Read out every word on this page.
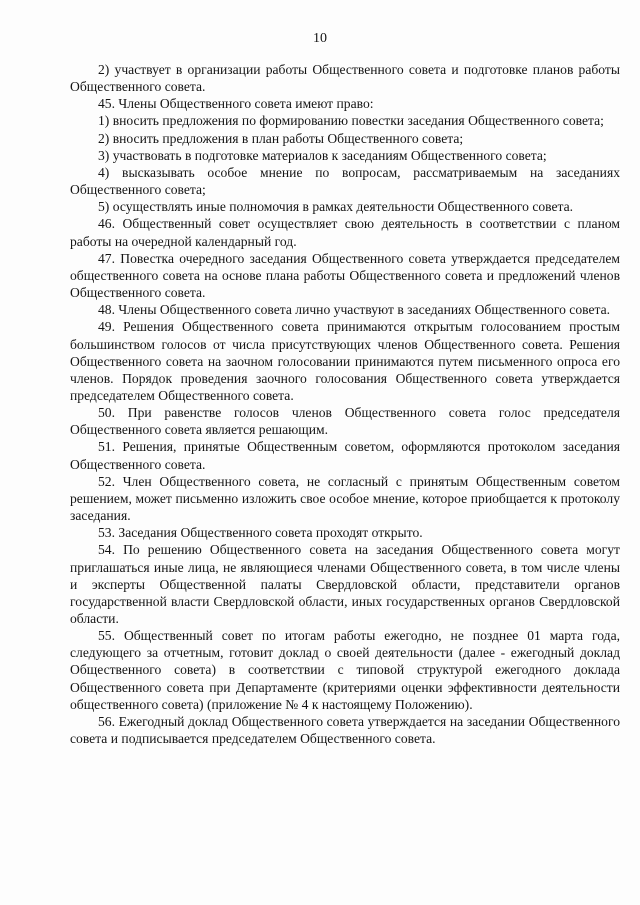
10

2) участвует в организации работы Общественного совета и подготовке планов работы Общественного совета.

45. Члены Общественного совета имеют право:

1) вносить предложения по формированию повестки заседания Общественного совета;

2) вносить предложения в план работы Общественного совета;

3) участвовать в подготовке материалов к заседаниям Общественного совета;

4) высказывать особое мнение по вопросам, рассматриваемым на заседаниях Общественного совета;

5) осуществлять иные полномочия в рамках деятельности Общественного совета.

46. Общественный совет осуществляет свою деятельность в соответствии с планом работы на очередной календарный год.

47. Повестка очередного заседания Общественного совета утверждается председателем общественного совета на основе плана работы Общественного совета и предложений членов Общественного совета.

48. Члены Общественного совета лично участвуют в заседаниях Общественного совета.

49. Решения Общественного совета принимаются открытым голосованием простым большинством голосов от числа присутствующих членов Общественного совета. Решения Общественного совета на заочном голосовании принимаются путем письменного опроса его членов. Порядок проведения заочного голосования Общественного совета утверждается председателем Общественного совета.

50. При равенстве голосов членов Общественного совета голос председателя Общественного совета является решающим.

51. Решения, принятые Общественным советом, оформляются протоколом заседания Общественного совета.

52. Член Общественного совета, не согласный с принятым Общественным советом решением, может письменно изложить свое особое мнение, которое приобщается к протоколу заседания.

53. Заседания Общественного совета проходят открыто.

54. По решению Общественного совета на заседания Общественного совета могут приглашаться иные лица, не являющиеся членами Общественного совета, в том числе члены и эксперты Общественной палаты Свердловской области, представители органов государственной власти Свердловской области, иных государственных органов Свердловской области.

55. Общественный совет по итогам работы ежегодно, не позднее 01 марта года, следующего за отчетным, готовит доклад о своей деятельности (далее - ежегодный доклад Общественного совета) в соответствии с типовой структурой ежегодного доклада Общественного совета при Департаменте (критериями оценки эффективности деятельности общественного совета) (приложение № 4 к настоящему Положению).

56. Ежегодный доклад Общественного совета утверждается на заседании Общественного совета и подписывается председателем Общественного совета.
